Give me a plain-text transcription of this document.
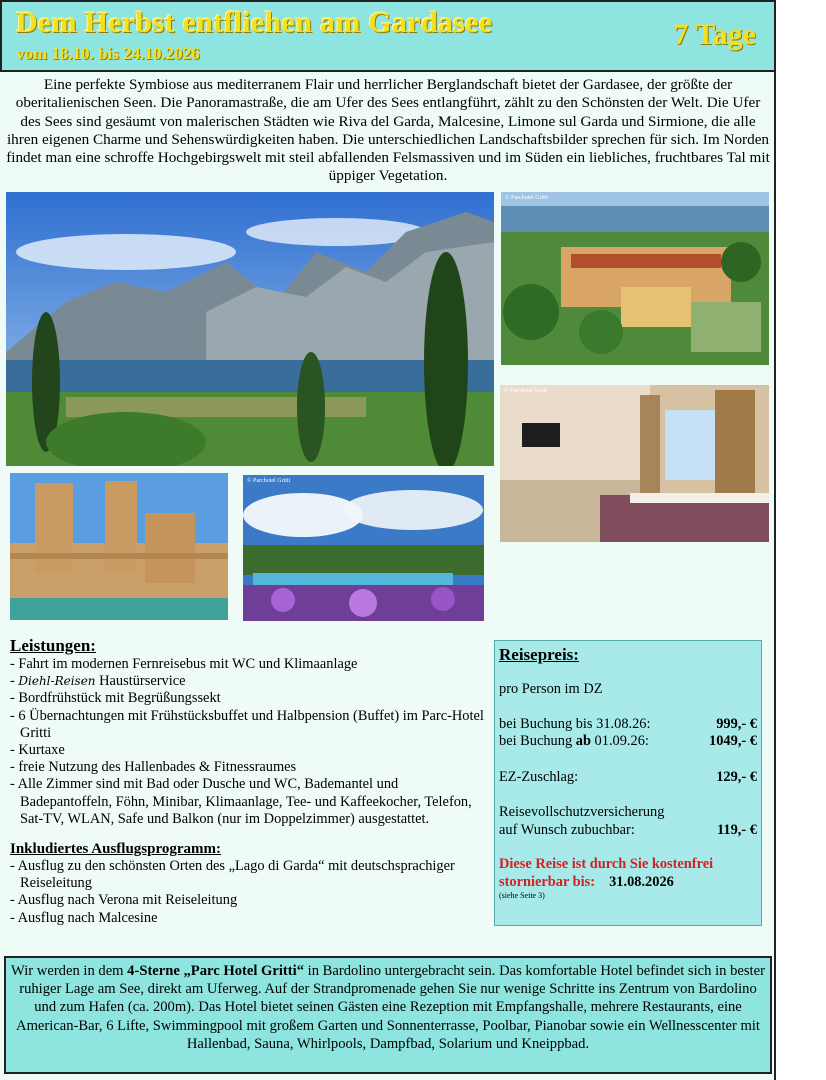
Dem Herbst entfliehen am Gardasee
vom 18.10. bis 24.10.2026
7 Tage

Eine perfekte Symbiose aus mediterranem Flair und herrlicher Berglandschaft bietet der Gardasee, der größte der oberitalienischen Seen. Die Panoramastraße, die am Ufer des Sees entlangführt, zählt zu den Schönsten der Welt. Die Ufer des Sees sind gesäumt von malerischen Städten wie Riva del Garda, Malcesine, Limone sul Garda und Sirmione, die alle ihren eigenen Charme und Sehenswürdigkeiten haben. Die unterschiedlichen Landschaftsbilder sprechen für sich. Im Norden findet man eine schroffe Hochgebirgswelt mit steil abfallenden Felsmassiven und im Süden ein liebliches, fruchtbares Tal mit üppiger Vegetation.

© Parchotel Gritti
© Parchotel Gritti
© Parchotel Gritti
Leistungen:
- Fahrt im modernen Fernreisebus mit WC und Klimaanlage
- Diehl-Reisen Haustürservice
- Bordfrühstück mit Begrüßungssekt
- 6 Übernachtungen mit Frühstücksbuffet und Halbpension (Buffet) im Parc-Hotel Gritti
- Kurtaxe
- freie Nutzung des Hallenbades & Fitnessraumes
- Alle Zimmer sind mit Bad oder Dusche und WC, Bademantel und Badepantoffeln, Föhn, Minibar, Klimaanlage, Tee- und Kaffeekocher, Telefon, Sat-TV, WLAN, Safe und Balkon (nur im Doppelzimmer) ausgestattet.
Inkludiertes Ausflugsprogramm:
- Ausflug zu den schönsten Orten des „Lago di Garda“ mit deutschsprachiger Reiseleitung
- Ausflug nach Verona mit Reiseleitung
- Ausflug nach Malcesine
Reisepreis:
pro Person im DZ
bei Buchung bis 31.08.26:	999,- €
bei Buchung ab 01.09.26:	1049,- €
EZ-Zuschlag:	129,- €
Reisevollschutzversicherung
auf Wunsch zubuchbar:	119,- €
Diese Reise ist durch Sie kostenfrei
stornierbar bis: 31.08.2026
(siehe Seite 3)
Wir werden in dem 4-Sterne „Parc Hotel Gritti“ in Bardolino untergebracht sein. Das komfortable Hotel befindet sich in bester ruhiger Lage am See, direkt am Uferweg. Auf der Strandpromenade gehen Sie nur wenige Schritte ins Zentrum von Bardolino und zum Hafen (ca. 200m). Das Hotel bietet seinen Gästen eine Rezeption mit Empfangshalle, mehrere Restaurants, eine American-Bar, 6 Lifte, Swimmingpool mit großem Garten und Sonnenterrasse, Poolbar, Pianobar sowie ein Wellnesscenter mit Hallenbad, Sauna, Whirlpools, Dampfbad, Solarium und Kneippbad.
